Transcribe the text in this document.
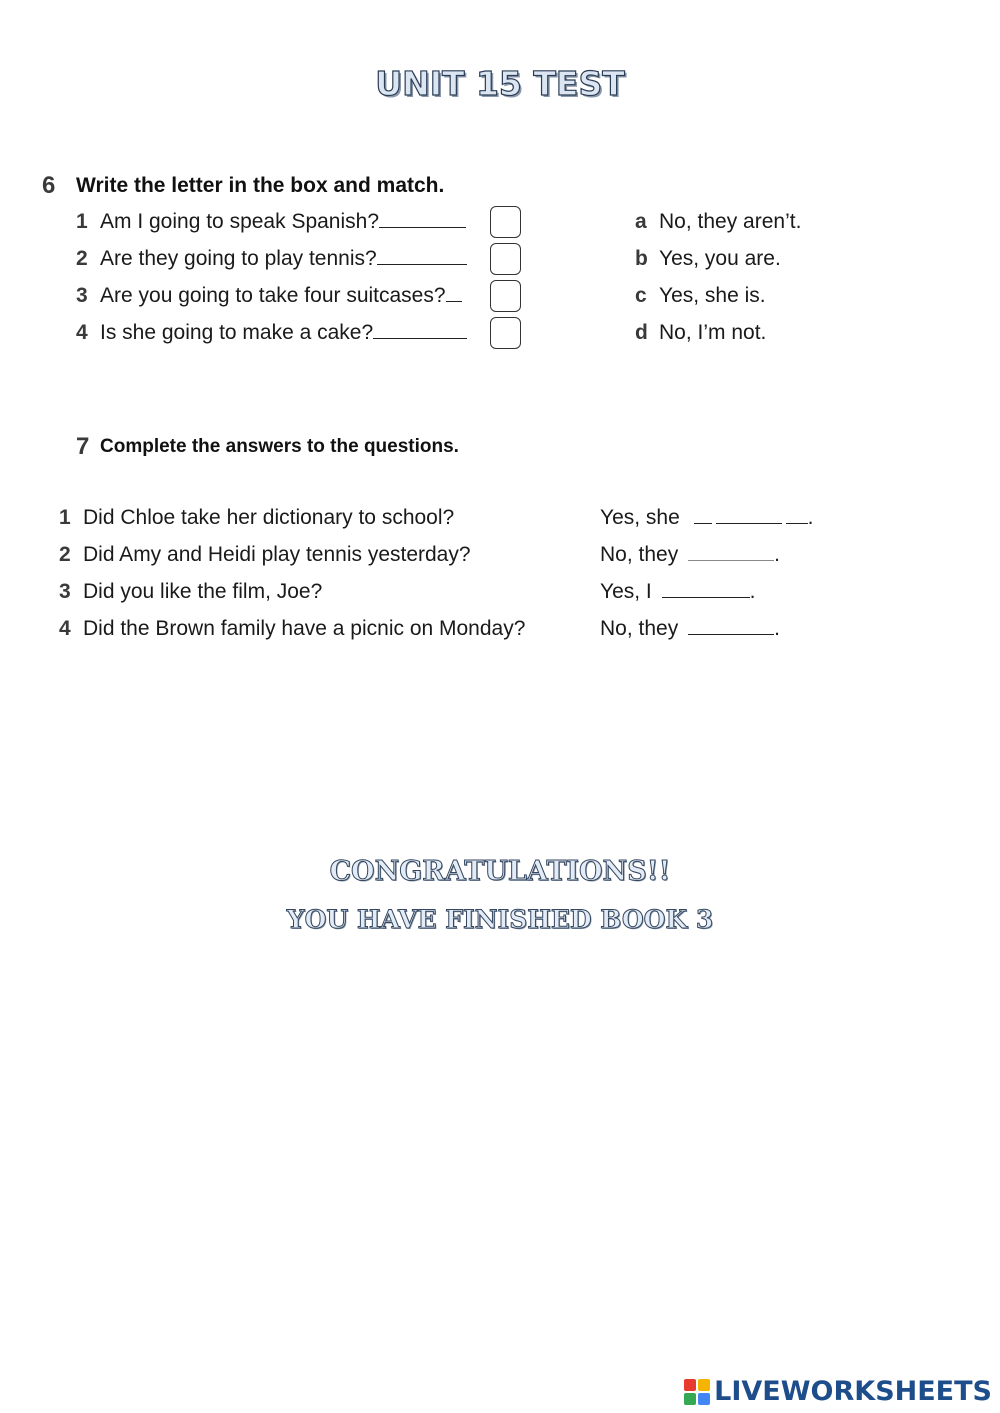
UNIT 15 TEST
6 Write the letter in the box and match.
1 Am I going to speak Spanish?
2 Are they going to play tennis?
3 Are you going to take four suitcases?
4 Is she going to make a cake?
a No, they aren’t.
b Yes, you are.
c Yes, she is.
d No, I’m not.
7 Complete the answers to the questions.
1 Did Chloe take her dictionary to school?	Yes, she	.
2 Did Amy and Heidi play tennis yesterday?	No, they	.
3 Did you like the film, Joe?	Yes, I	.
4 Did the Brown family have a picnic on Monday?	No, they	.
CONGRATULATIONS!!
YOU HAVE FINISHED BOOK 3
LIVEWORKSHEETS
